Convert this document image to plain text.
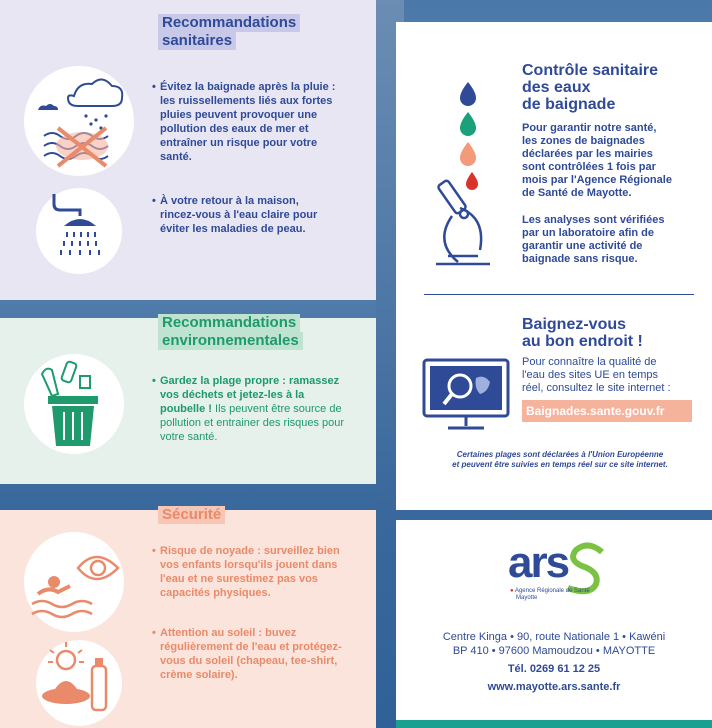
Recommandations
sanitaires
• Évitez la baignade après la pluie : les ruissellements liés aux fortes pluies peuvent provoquer une pollution des eaux de mer et entraîner un risque pour votre santé.
• À votre retour à la maison, rincez-vous à l'eau claire pour éviter les maladies de peau.
Recommandations
environnementales
• Gardez la plage propre : ramassez vos déchets et jetez-les à la poubelle ! Ils peuvent être source de pollution et entrainer des risques pour votre santé.
Sécurité
• Risque de noyade : surveillez bien vos enfants lorsqu'ils jouent dans l'eau et ne surestimez pas vos capacités physiques.
• Attention au soleil : buvez régulièrement de l'eau et protégez-vous du soleil (chapeau, tee-shirt, crème solaire).
Contrôle sanitaire
des eaux
de baignade
Pour garantir notre santé,
les zones de baignades
déclarées par les mairies
sont contrôlées 1 fois par
mois par l'Agence Régionale
de Santé de Mayotte.
Les analyses sont vérifiées
par un laboratoire afin de
garantir une activité de
baignade sans risque.
Baignez-vous
au bon endroit !
Pour connaître la qualité de
l'eau des sites UE en temps
réel, consultez le site internet :
Baignades.sante.gouv.fr
Certaines plages sont déclarées à l'Union Européenne
et peuvent être suivies en temps réel sur ce site internet.
ars
● Agence Régionale de Santé
Mayotte
Centre Kinga • 90, route Nationale 1 • Kawéni
BP 410 • 97600 Mamoudzou • MAYOTTE
Tél. 0269 61 12 25
www.mayotte.ars.sante.fr
